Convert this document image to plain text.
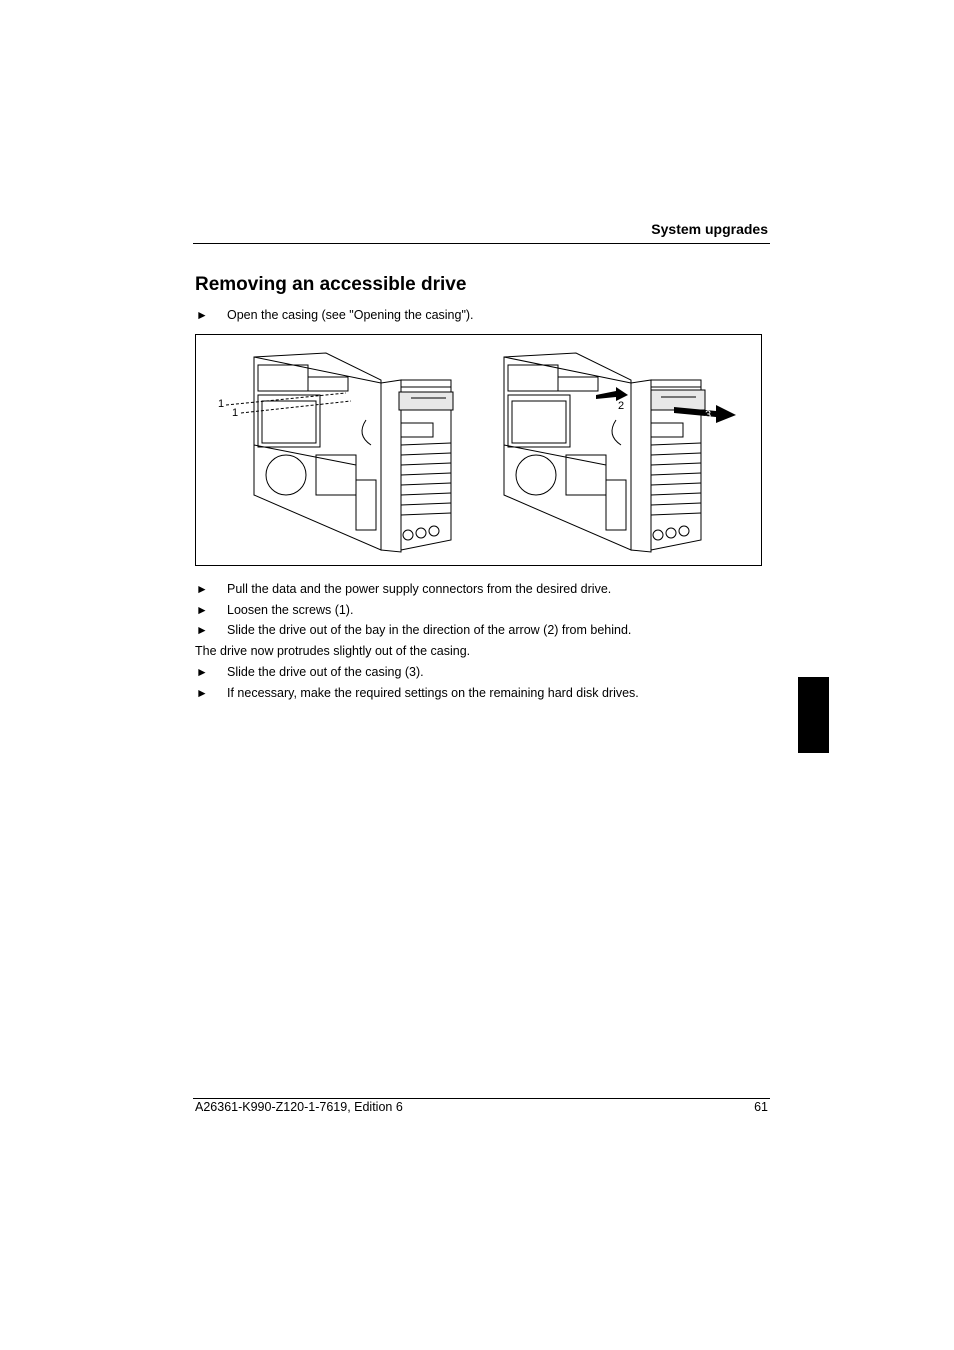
System upgrades
Removing an accessible drive
►	Open the casing (see "Opening the casing").
1
1
2
3
►	Pull the data and the power supply connectors from the desired drive.
►	Loosen the screws (1).
►	Slide the drive out of the bay in the direction of the arrow (2) from behind.
The drive now protrudes slightly out of the casing.
►	Slide the drive out of the casing (3).
►	If necessary, make the required settings on the remaining hard disk drives.
A26361-K990-Z120-1-7619, Edition 6	61
